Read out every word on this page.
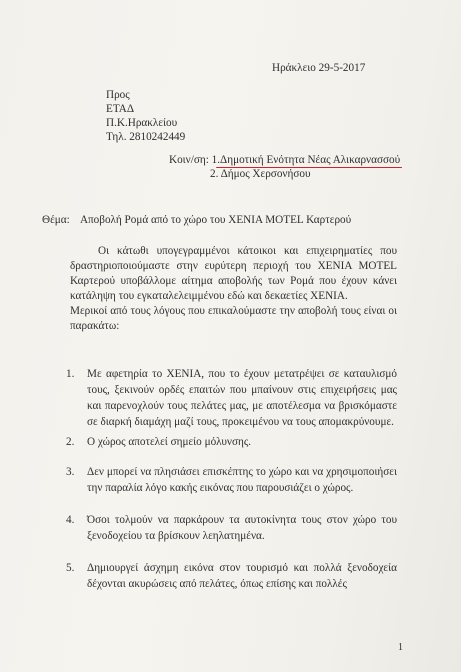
Ηράκλειο 29-5-2017
Προς
ΕΤΑΔ
Π.Κ.Ηρακλείου
Τηλ. 2810242449
Κοιν/ση: 1.Δημοτική Ενότητα Νέας Αλικαρνασσού
2. Δήμος Χερσονήσου
Θέμα: Αποβολή Ρομά από το χώρο του XENIA MOTEL Καρτερού
Οι κάτωθι υπογεγραμμένοι κάτοικοι και επιχειρηματίες που δραστηριοποιούμαστε στην ευρύτερη περιοχή του XENIA MOTEL Καρτερού υποβάλλομε αίτημα αποβολής των Ρομά που έχουν κάνει κατάληψη του εγκαταλελειμμένου εδώ και δεκαετίες XENIA.
Μερικοί από τους λόγους που επικαλούμαστε την αποβολή τους είναι οι παρακάτω:
1.	Με αφετηρία το XENIA, που το έχουν μετατρέψει σε καταυλισμό τους, ξεκινούν ορδές επαιτών που μπαίνουν στις επιχειρήσεις μας και παρενοχλούν τους πελάτες μας, με αποτέλεσμα να βρισκόμαστε σε διαρκή διαμάχη μαζί τους, προκειμένου να τους απομακρύνουμε.
2.	Ο χώρος αποτελεί σημείο μόλυνσης.
3.	Δεν μπορεί να πλησιάσει επισκέπτης το χώρο και να χρησιμοποιήσει την παραλία λόγο κακής εικόνας που παρουσιάζει ο χώρος.
4.	Όσοι τολμούν να παρκάρουν τα αυτοκίνητα τους στον χώρο του ξενοδοχείου τα βρίσκουν λεηλατημένα.
5.	Δημιουργεί άσχημη εικόνα στον τουρισμό και πολλά ξενοδοχεία δέχονται ακυρώσεις από πελάτες, όπως επίσης και πολλές
1
